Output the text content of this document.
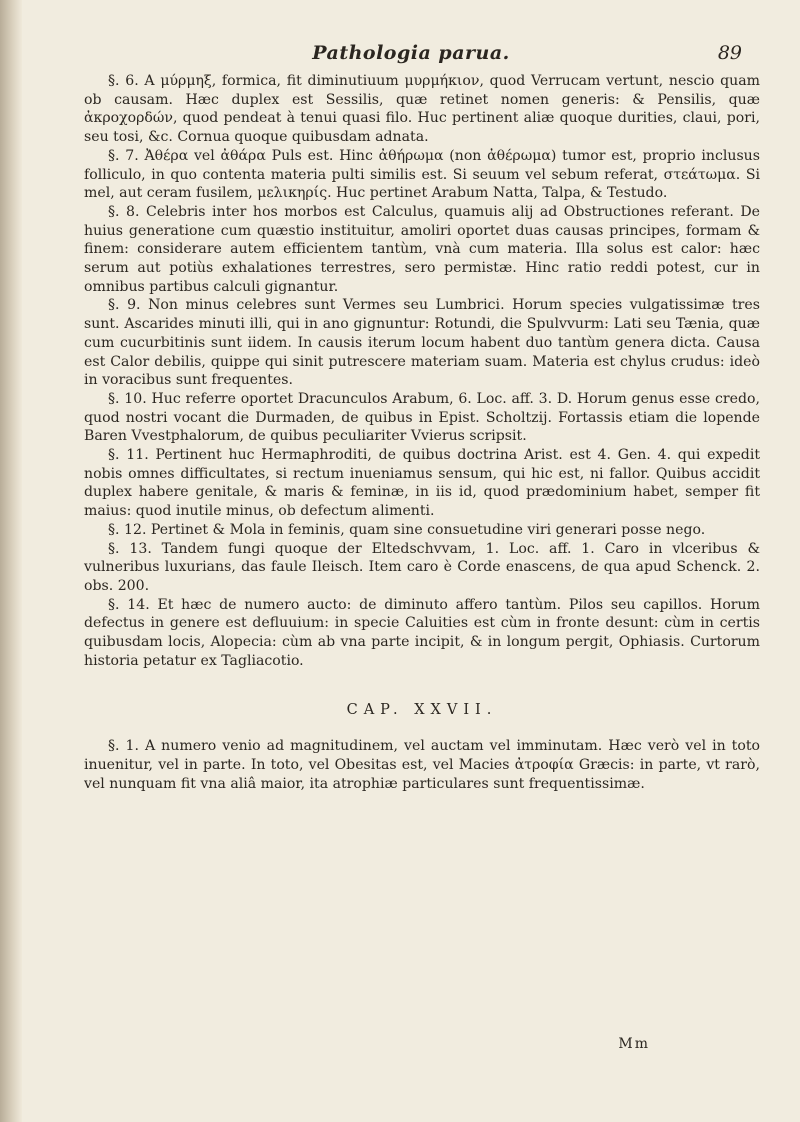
Pathologia parua.	89

§. 6. A μύρμηξ, formica, fit diminutiuum μυρμήκιον, quod Verrucam vertunt, nescio quam ob causam. Hæc duplex est Sessilis, quæ retinet nomen generis: & Pensilis, quæ ἀκροχορδών, quod pendeat à tenui quasi filo. Huc pertinent aliæ quoque durities, claui, pori, seu tosi, &c. Cornua quoque quibusdam adnata.

§. 7. Ἀθέρα vel ἀθάρα Puls est. Hinc ἀθήρωμα (non ἀθέρωμα) tumor est, proprio inclusus folliculo, in quo contenta materia pulti similis est. Si seuum vel sebum referat, στεάτωμα. Si mel, aut ceram fusilem, μελικηρίς. Huc pertinet Arabum Natta, Talpa, & Testudo.

§. 8. Celebris inter hos morbos est Calculus, quamuis alij ad Obstructiones referant. De huius generatione cum quæstio instituitur, amoliri oportet duas causas principes, formam & finem: considerare autem efficientem tantùm, vnà cum materia. Illa solus est calor: hæc serum aut potiùs exhalationes terrestres, sero permistæ. Hinc ratio reddi potest, cur in omnibus partibus calculi gignantur.

§. 9. Non minus celebres sunt Vermes seu Lumbrici. Horum species vulgatissimæ tres sunt. Ascarides minuti illi, qui in ano gignuntur: Rotundi, die Spulvvurm: Lati seu Tænia, quæ cum cucurbitinis sunt iidem. In causis iterum locum habent duo tantùm genera dicta. Causa est Calor debilis, quippe qui sinit putrescere materiam suam. Materia est chylus crudus: ideò in voracibus sunt frequentes.

§. 10. Huc referre oportet Dracunculos Arabum, 6. Loc. aff. 3. D. Horum genus esse credo, quod nostri vocant die Durmaden, de quibus in Epist. Scholtzij. Fortassis etiam die lopende Baren Vvestphalorum, de quibus peculiariter Vvierus scripsit.

§. 11. Pertinent huc Hermaphroditi, de quibus doctrina Arist. est 4. Gen. 4. qui expedit nobis omnes difficultates, si rectum inueniamus sensum, qui hic est, ni fallor. Quibus accidit duplex habere genitale, & maris & feminæ, in iis id, quod prædominium habet, semper fit maius: quod inutile minus, ob defectum alimenti.

§. 12. Pertinet & Mola in feminis, quam sine consuetudine viri generari posse nego.

§. 13. Tandem fungi quoque der Eltedschvvam, 1. Loc. aff. 1. Caro in vlceribus & vulneribus luxurians, das faule Ileisch. Item caro è Corde enascens, de qua apud Schenck. 2. obs. 200.

§. 14. Et hæc de numero aucto: de diminuto affero tantùm. Pilos seu capillos. Horum defectus in genere est defluuium: in specie Caluities est cùm in fronte desunt: cùm in certis quibusdam locis, Alopecia: cùm ab vna parte incipit, & in longum pergit, Ophiasis. Curtorum historia petatur ex Tagliacotio.

CAP. XXVII.

§. 1. A numero venio ad magnitudinem, vel auctam vel imminutam. Hæc verò vel in toto inuenitur, vel in parte. In toto, vel Obesitas est, vel Macies ἀτροφία Græcis: in parte, vt rarò, vel nunquam fit vna aliâ maior, ita atrophiæ particulares sunt frequentissimæ.

Mm
